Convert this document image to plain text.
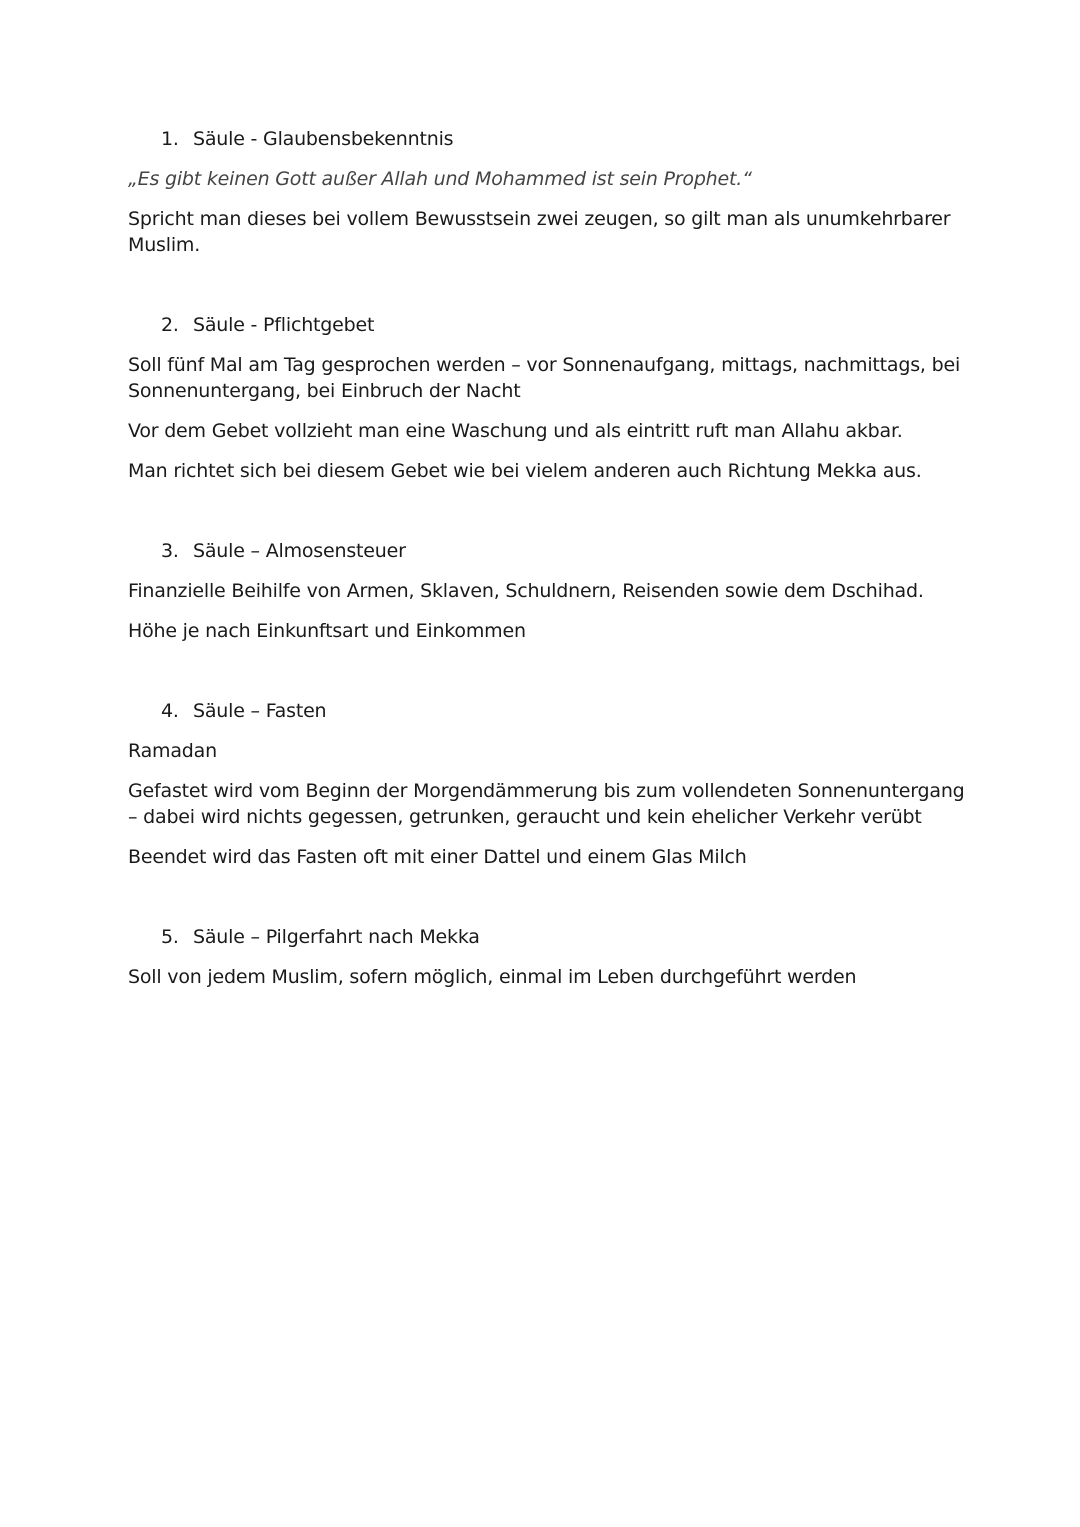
1. Säule - Glaubensbekenntnis

„Es gibt keinen Gott außer Allah und Mohammed ist sein Prophet.“

Spricht man dieses bei vollem Bewusstsein zwei zeugen, so gilt man als unumkehrbarer Muslim.

2. Säule - Pflichtgebet

Soll fünf Mal am Tag gesprochen werden – vor Sonnenaufgang, mittags, nachmittags, bei Sonnenuntergang, bei Einbruch der Nacht

Vor dem Gebet vollzieht man eine Waschung und als eintritt ruft man Allahu akbar.

Man richtet sich bei diesem Gebet wie bei vielem anderen auch Richtung Mekka aus.

3. Säule – Almosensteuer

Finanzielle Beihilfe von Armen, Sklaven, Schuldnern, Reisenden sowie dem Dschihad.

Höhe je nach Einkunftsart und Einkommen

4. Säule – Fasten

Ramadan

Gefastet wird vom Beginn der Morgendämmerung bis zum vollendeten Sonnenuntergang – dabei wird nichts gegessen, getrunken, geraucht und kein ehelicher Verkehr verübt

Beendet wird das Fasten oft mit einer Dattel und einem Glas Milch

5. Säule – Pilgerfahrt nach Mekka

Soll von jedem Muslim, sofern möglich, einmal im Leben durchgeführt werden
